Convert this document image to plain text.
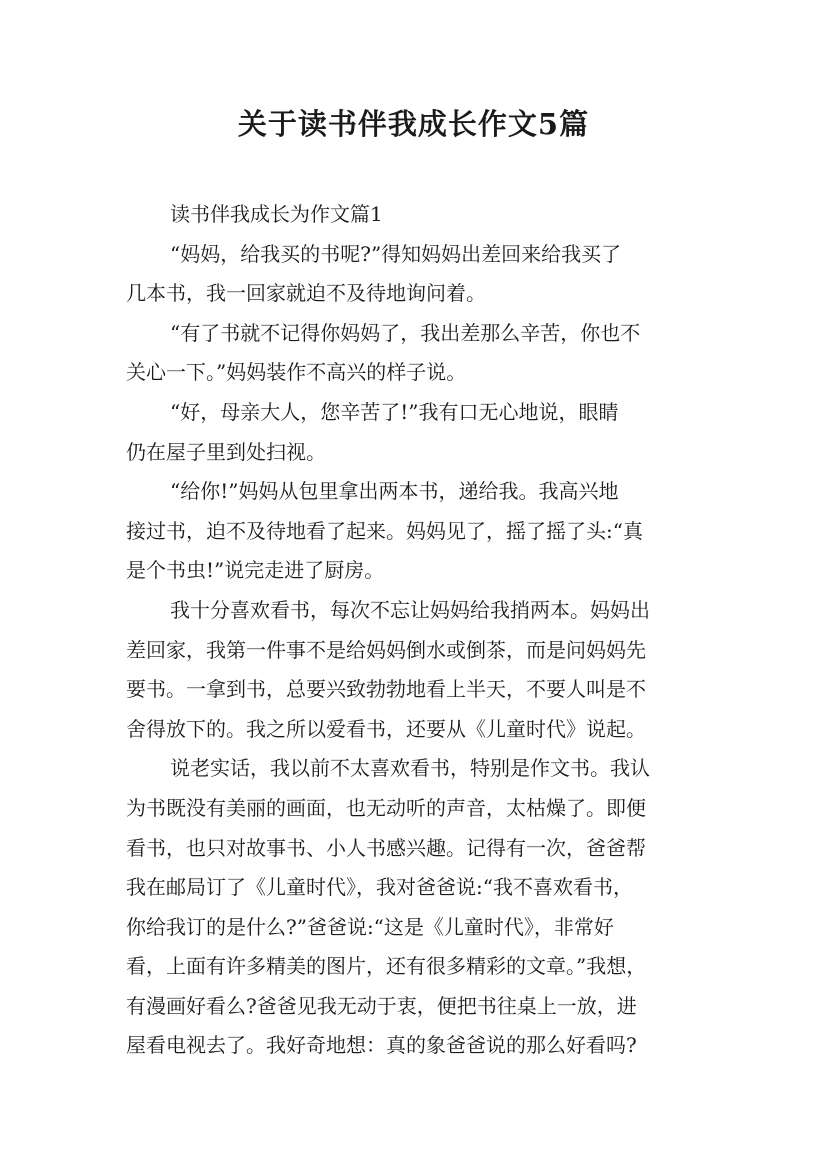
关于读书伴我成长作文5篇
读书伴我成长为作文篇1
“妈妈，给我买的书呢?”得知妈妈出差回来给我买了
几本书，我一回家就迫不及待地询问着。
“有了书就不记得你妈妈了，我出差那么辛苦，你也不
关心一下。”妈妈装作不高兴的样子说。
“好，母亲大人，您辛苦了!”我有口无心地说，眼睛
仍在屋子里到处扫视。
“给你!”妈妈从包里拿出两本书，递给我。我高兴地
接过书，迫不及待地看了起来。妈妈见了，摇了摇了头:“真
是个书虫!”说完走进了厨房。
我十分喜欢看书，每次不忘让妈妈给我捎两本。妈妈出
差回家，我第一件事不是给妈妈倒水或倒茶，而是问妈妈先
要书。一拿到书，总要兴致勃勃地看上半天，不要人叫是不
舍得放下的。我之所以爱看书，还要从《儿童时代》说起。
说老实话，我以前不太喜欢看书，特别是作文书。我认
为书既没有美丽的画面，也无动听的声音，太枯燥了。即便
看书，也只对故事书、小人书感兴趣。记得有一次，爸爸帮
我在邮局订了《儿童时代》，我对爸爸说:“我不喜欢看书，
你给我订的是什么?”爸爸说:“这是《儿童时代》，非常好
看，上面有许多精美的图片，还有很多精彩的文章。”我想，
有漫画好看么?爸爸见我无动于衷，便把书往桌上一放，进
屋看电视去了。我好奇地想：真的象爸爸说的那么好看吗?
